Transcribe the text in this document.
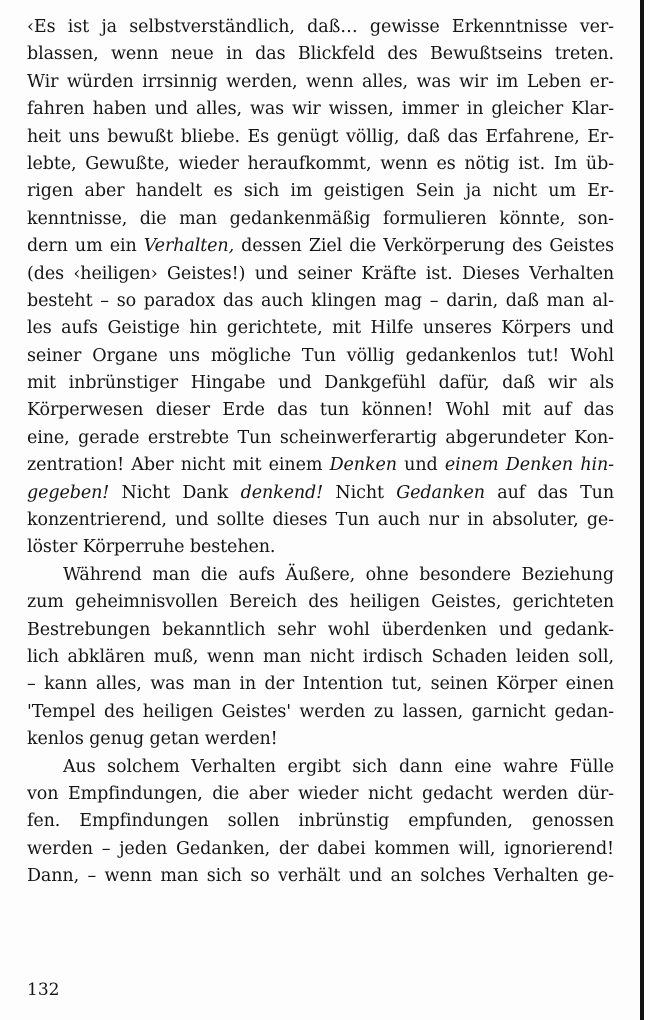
‹Es ist ja selbstverständlich, daß… gewisse Erkenntnisse ver-
blassen, wenn neue in das Blickfeld des Bewußtseins treten.
Wir würden irrsinnig werden, wenn alles, was wir im Leben er-
fahren haben und alles, was wir wissen, immer in gleicher Klar-
heit uns bewußt bliebe. Es genügt völlig, daß das Erfahrene, Er-
lebte, Gewußte, wieder heraufkommt, wenn es nötig ist. Im üb-
rigen aber handelt es sich im geistigen Sein ja nicht um Er-
kenntnisse, die man gedankenmäßig formulieren könnte, son-
dern um ein Verhalten, dessen Ziel die Verkörperung des Geistes
(des ‹heiligen› Geistes!) und seiner Kräfte ist. Dieses Verhalten
besteht – so paradox das auch klingen mag – darin, daß man al-
les aufs Geistige hin gerichtete, mit Hilfe unseres Körpers und
seiner Organe uns mögliche Tun völlig gedankenlos tut! Wohl
mit inbrünstiger Hingabe und Dankgefühl dafür, daß wir als
Körperwesen dieser Erde das tun können! Wohl mit auf das
eine, gerade erstrebte Tun scheinwerferartig abgerundeter Kon-
zentration! Aber nicht mit einem Denken und einem Denken hin-
gegeben! Nicht Dank denkend! Nicht Gedanken auf das Tun
konzentrierend, und sollte dieses Tun auch nur in absoluter, ge-
löster Körperruhe bestehen.
Während man die aufs Äußere, ohne besondere Beziehung
zum geheimnisvollen Bereich des heiligen Geistes, gerichteten
Bestrebungen bekanntlich sehr wohl überdenken und gedank-
lich abklären muß, wenn man nicht irdisch Schaden leiden soll,
– kann alles, was man in der Intention tut, seinen Körper einen
'Tempel des heiligen Geistes' werden zu lassen, garnicht gedan-
kenlos genug getan werden!
Aus solchem Verhalten ergibt sich dann eine wahre Fülle
von Empfindungen, die aber wieder nicht gedacht werden dür-
fen. Empfindungen sollen inbrünstig empfunden, genossen
werden – jeden Gedanken, der dabei kommen will, ignorierend!
Dann, – wenn man sich so verhält und an solches Verhalten ge-
132
